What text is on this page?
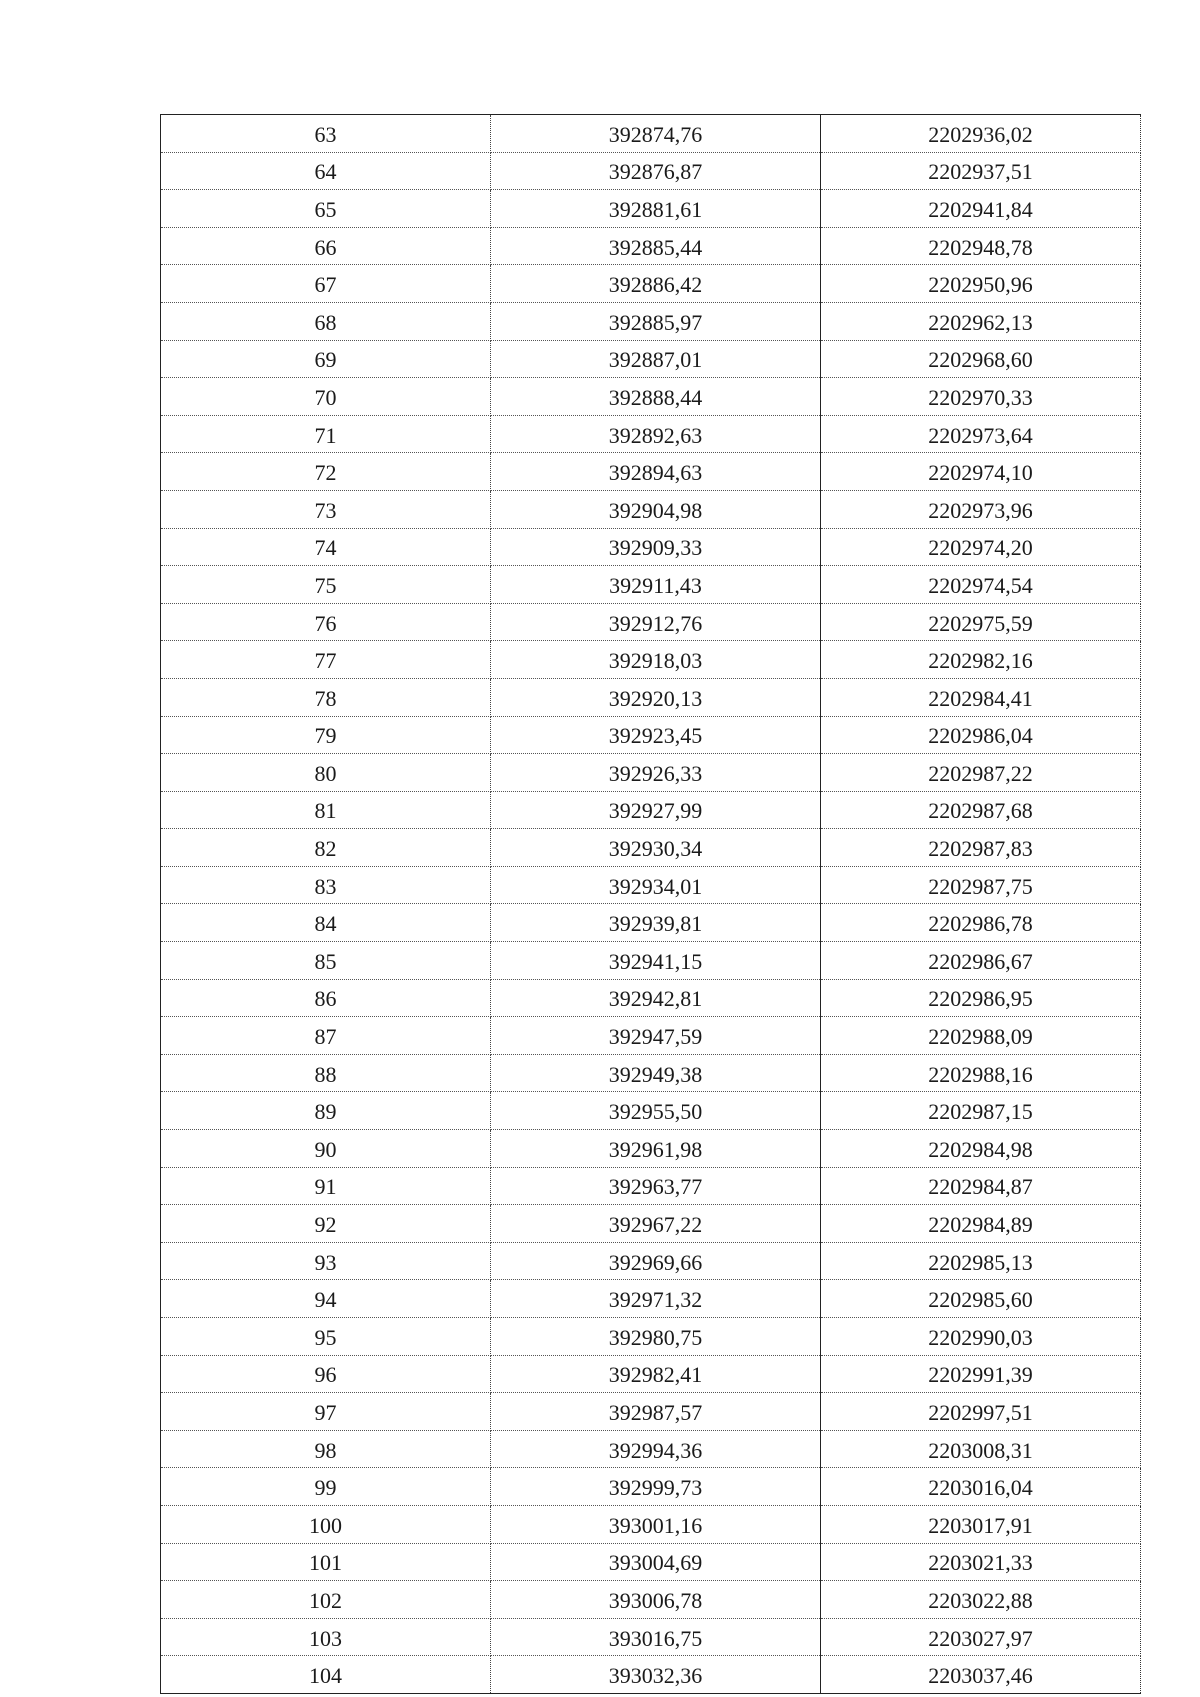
63	392874,76	2202936,02
64	392876,87	2202937,51
65	392881,61	2202941,84
66	392885,44	2202948,78
67	392886,42	2202950,96
68	392885,97	2202962,13
69	392887,01	2202968,60
70	392888,44	2202970,33
71	392892,63	2202973,64
72	392894,63	2202974,10
73	392904,98	2202973,96
74	392909,33	2202974,20
75	392911,43	2202974,54
76	392912,76	2202975,59
77	392918,03	2202982,16
78	392920,13	2202984,41
79	392923,45	2202986,04
80	392926,33	2202987,22
81	392927,99	2202987,68
82	392930,34	2202987,83
83	392934,01	2202987,75
84	392939,81	2202986,78
85	392941,15	2202986,67
86	392942,81	2202986,95
87	392947,59	2202988,09
88	392949,38	2202988,16
89	392955,50	2202987,15
90	392961,98	2202984,98
91	392963,77	2202984,87
92	392967,22	2202984,89
93	392969,66	2202985,13
94	392971,32	2202985,60
95	392980,75	2202990,03
96	392982,41	2202991,39
97	392987,57	2202997,51
98	392994,36	2203008,31
99	392999,73	2203016,04
100	393001,16	2203017,91
101	393004,69	2203021,33
102	393006,78	2203022,88
103	393016,75	2203027,97
104	393032,36	2203037,46
